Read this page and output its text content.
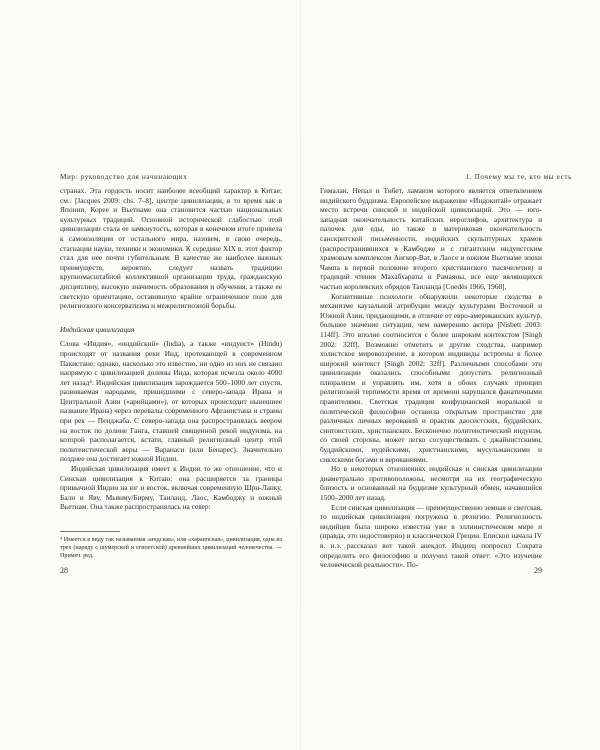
Мир: руководство для начинающих

странах. Эта гордость носит наиболее всеобщий характер в Китае; см.: [Jacques 2009: chs. 7–8], центре цивилизации, в то время как в Японии, Корее и Вьетнаме она становится частью национальных культурных традиций. Основной исторической слабостью этой цивилизации стала ее замкнутость, которая в конечном итоге привела к самоизоляции от остального мира, назовем, в свою очередь, стагнации науки, техники и экономики. К середине XIX в. этот фактор стал для нее почти губительным. В качестве же наиболее важных преимуществ, вероятно, следует назвать традицию крупномасштабной коллективной организации труда, гражданскую дисциплину, высокую значимость образования и обучения, а также ее светскую ориентацию, оставившую крайне ограниченное поле для религиозного консерватизма и межрелигиозной борьбы.

Индийская цивилизация

Слова «Индия», «индийский» (India), а также «индуист» (Hindu) происходят от названия реки Инд, протекающей в современном Пакистане; однако, насколько это известно, ни одно из них не связано напрямую с цивилизацией долины Инда, которая исчезла около 4000 лет назад⁴. Индийская цивилизация зарождается 500–1000 лет спустя, развиваемая народами, пришедшими с северо-запада Ирана и Центральной Азии («арийцами»), от которых происходит нынешнее название Ирана) через перевалы современного Афганистана и страны при рек — Пенджаба. С северо-запада она распространялась веером на восток по долине Ганга, ставшей священной рекой индуизма, на которой располагается, кстати, главный религиозный центр этой политеистической веры — Варанаси (или Бенарес). Значительно позднее она достигает южной Индии.

Индийская цивилизация имеет к Индии то же отношение, что и Синская цивилизация к Китаю: она расширяется за границы привычной Индии на юг и восток, включая современную Шри-Ланку, Бали и Яву, Мьянму/Бирму, Таиланд, Лаос, Камбоджу и южный Вьетнам. Она также распространялась на север:

⁴ Имеется в виду так называемая «индская», или «хараппская», цивилизация, одна из трех (наряду с шумерской и египетской) древнейших цивилизаций человечества. — Примеч. ред.
28
1. Почему мы те, кто мы есть

Гималаи, Непал и Тибет, ламаизм которого является ответвлением индийского буддизма. Европейское выражение «Индокитай» отражает место встречи синской и индийской цивилизаций. Это — юго-западная окончательность китайских иероглифов, архитектура и палочек для еды, но также и материковая окончательность санскритской письменности, индийских скульптурных храмов (распространившихся в Камбодже и с гигантским индуистским храмовым комплексом Ангкор-Ват, в Лаосе и южном Вьетнаме эпохи Чампа в первой половине второго христианского тысячелетия) и традиций чтения Махабхараты и Рамаяны, все еще являющихся частью королевских обрядов Таиланда [Coedès 1966, 1968].

Когнитивные психологи обнаружили некоторые сходства в механизме каузальной атрибуции между культурами Восточной и Южной Азии, придающими, в отличие от евро-американских культур, большее значение ситуации, чем намерению актора [Nisbett 2003: 114ff]. Это вполне соотносится с более широким контекстом [Singh 2002: 32ff]. Возможно отметить и другие сходства, например холистское мировоззрение, в котором индивиды встроены в более широкий контекст [Singh 2002: 32ff]. Различными способами эти цивилизации оказались способными допустить религиозный плюрализм и управлять им, хотя в обоих случаях принцип религиозной терпимости время от времени нарушался фанатичными правителями. Светская традиция конфуцианской моральной и политической философии оставила открытым пространство для различных личных верований и практик даосистских, буддийских, синтоистских, христианских. Бесконечно политеистический индуизм, со своей стороны, может легко сосуществовать с джайнистскими, буддийскими, иудейскими, христианскими, мусульманскими и сикхскими богами и верованиями.

Но в некоторых отношениях индийская и синская цивилизации диаметрально противоположны, несмотря на их географическую близость и основанный на буддизме культурный обмен, начавшийся 1500–2000 лет назад.

Если синская цивилизация — преимущественно земная и светская, то индийская цивилизация погружена в религию. Религиозность индийцев была широко известна уже в эллинистическом мире и (правда, это недостоверно) и классической Греции. Епископ начала IV в. н.э. рассказал вот такой анекдот. Индиец попросил Сократа определить его философию и получил такой ответ: «Это изучение человеческой реальности». По-

29
